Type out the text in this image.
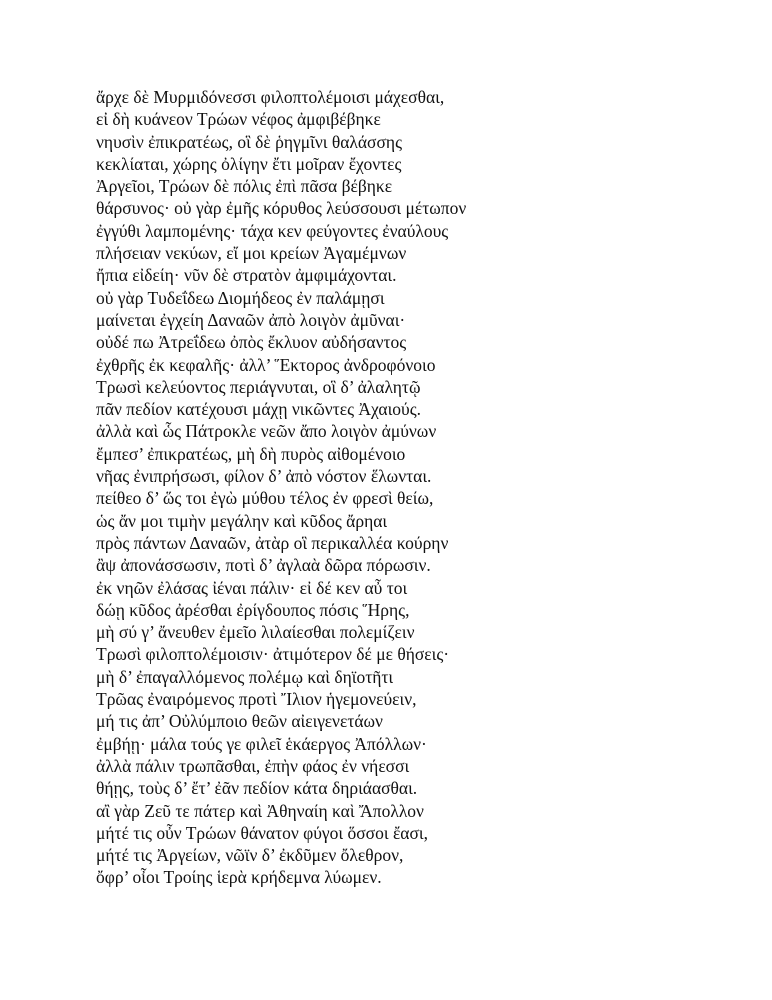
ἄρχε δὲ Μυρμιδόνεσσι φιλοπτολέμοισι μάχεσθαι,
εἰ δὴ κυάνεον Τρώων νέφος ἀμφιβέβηκε
νηυσὶν ἐπικρατέως, οἳ δὲ ῥηγμῖνι θαλάσσης
κεκλίαται, χώρης ὀλίγην ἔτι μοῖραν ἔχοντες
Ἀργεῖοι, Τρώων δὲ πόλις ἐπὶ πᾶσα βέβηκε
θάρσυνος· οὐ γὰρ ἐμῆς κόρυθος λεύσσουσι μέτωπον
ἐγγύθι λαμπομένης· τάχα κεν φεύγοντες ἐναύλους
πλήσειαν νεκύων, εἴ μοι κρείων Ἀγαμέμνων
ἤπια εἰδείη· νῦν δὲ στρατὸν ἀμφιμάχονται.
οὐ γὰρ Τυδεΐδεω Διομήδεος ἐν παλάμῃσι
μαίνεται ἐγχείη Δαναῶν ἀπὸ λοιγὸν ἀμῦναι·
οὐδέ πω Ἀτρεΐδεω ὀπὸς ἔκλυον αὐδήσαντος
ἐχθρῆς ἐκ κεφαλῆς· ἀλλ’ Ἕκτορος ἀνδροφόνοιο
Τρωσὶ κελεύοντος περιάγνυται, οἳ δ’ ἀλαλητῷ
πᾶν πεδίον κατέχουσι μάχῃ νικῶντες Ἀχαιούς.
ἀλλὰ καὶ ὧς Πάτροκλε νεῶν ἄπο λοιγὸν ἀμύνων
ἔμπεσ’ ἐπικρατέως, μὴ δὴ πυρὸς αἰθομένοιο
νῆας ἐνιπρήσωσι, φίλον δ’ ἀπὸ νόστον ἕλωνται.
πείθεο δ’ ὥς τοι ἐγὼ μύθου τέλος ἐν φρεσὶ θείω,
ὡς ἄν μοι τιμὴν μεγάλην καὶ κῦδος ἄρηαι
πρὸς πάντων Δαναῶν, ἀτὰρ οἳ περικαλλέα κούρην
ἂψ ἀπονάσσωσιν, ποτὶ δ’ ἀγλαὰ δῶρα πόρωσιν.
ἐκ νηῶν ἐλάσας ἰέναι πάλιν· εἰ δέ κεν αὖ τοι
δώῃ κῦδος ἀρέσθαι ἐρίγδουπος πόσις Ἥρης,
μὴ σύ γ’ ἄνευθεν ἐμεῖο λιλαίεσθαι πολεμίζειν
Τρωσὶ φιλοπτολέμοισιν· ἀτιμότερον δέ με θήσεις·
μὴ δ’ ἐπαγαλλόμενος πολέμῳ καὶ δηϊοτῆτι
Τρῶας ἐναιρόμενος προτὶ Ἴλιον ἡγεμονεύειν,
μή τις ἀπ’ Οὐλύμποιο θεῶν αἰειγενετάων
ἐμβήῃ· μάλα τούς γε φιλεῖ ἑκάεργος Ἀπόλλων·
ἀλλὰ πάλιν τρωπᾶσθαι, ἐπὴν φάος ἐν νήεσσι
θήῃς, τοὺς δ’ ἔτ’ ἐᾶν πεδίον κάτα δηριάασθαι.
αἲ γὰρ Ζεῦ τε πάτερ καὶ Ἀθηναίη καὶ Ἄπολλον
μήτέ τις οὖν Τρώων θάνατον φύγοι ὅσσοι ἔασι,
μήτέ τις Ἀργείων, νῶϊν δ’ ἐκδῦμεν ὄλεθρον,
ὄφρ’ οἶοι Τροίης ἱερὰ κρήδεμνα λύωμεν.
